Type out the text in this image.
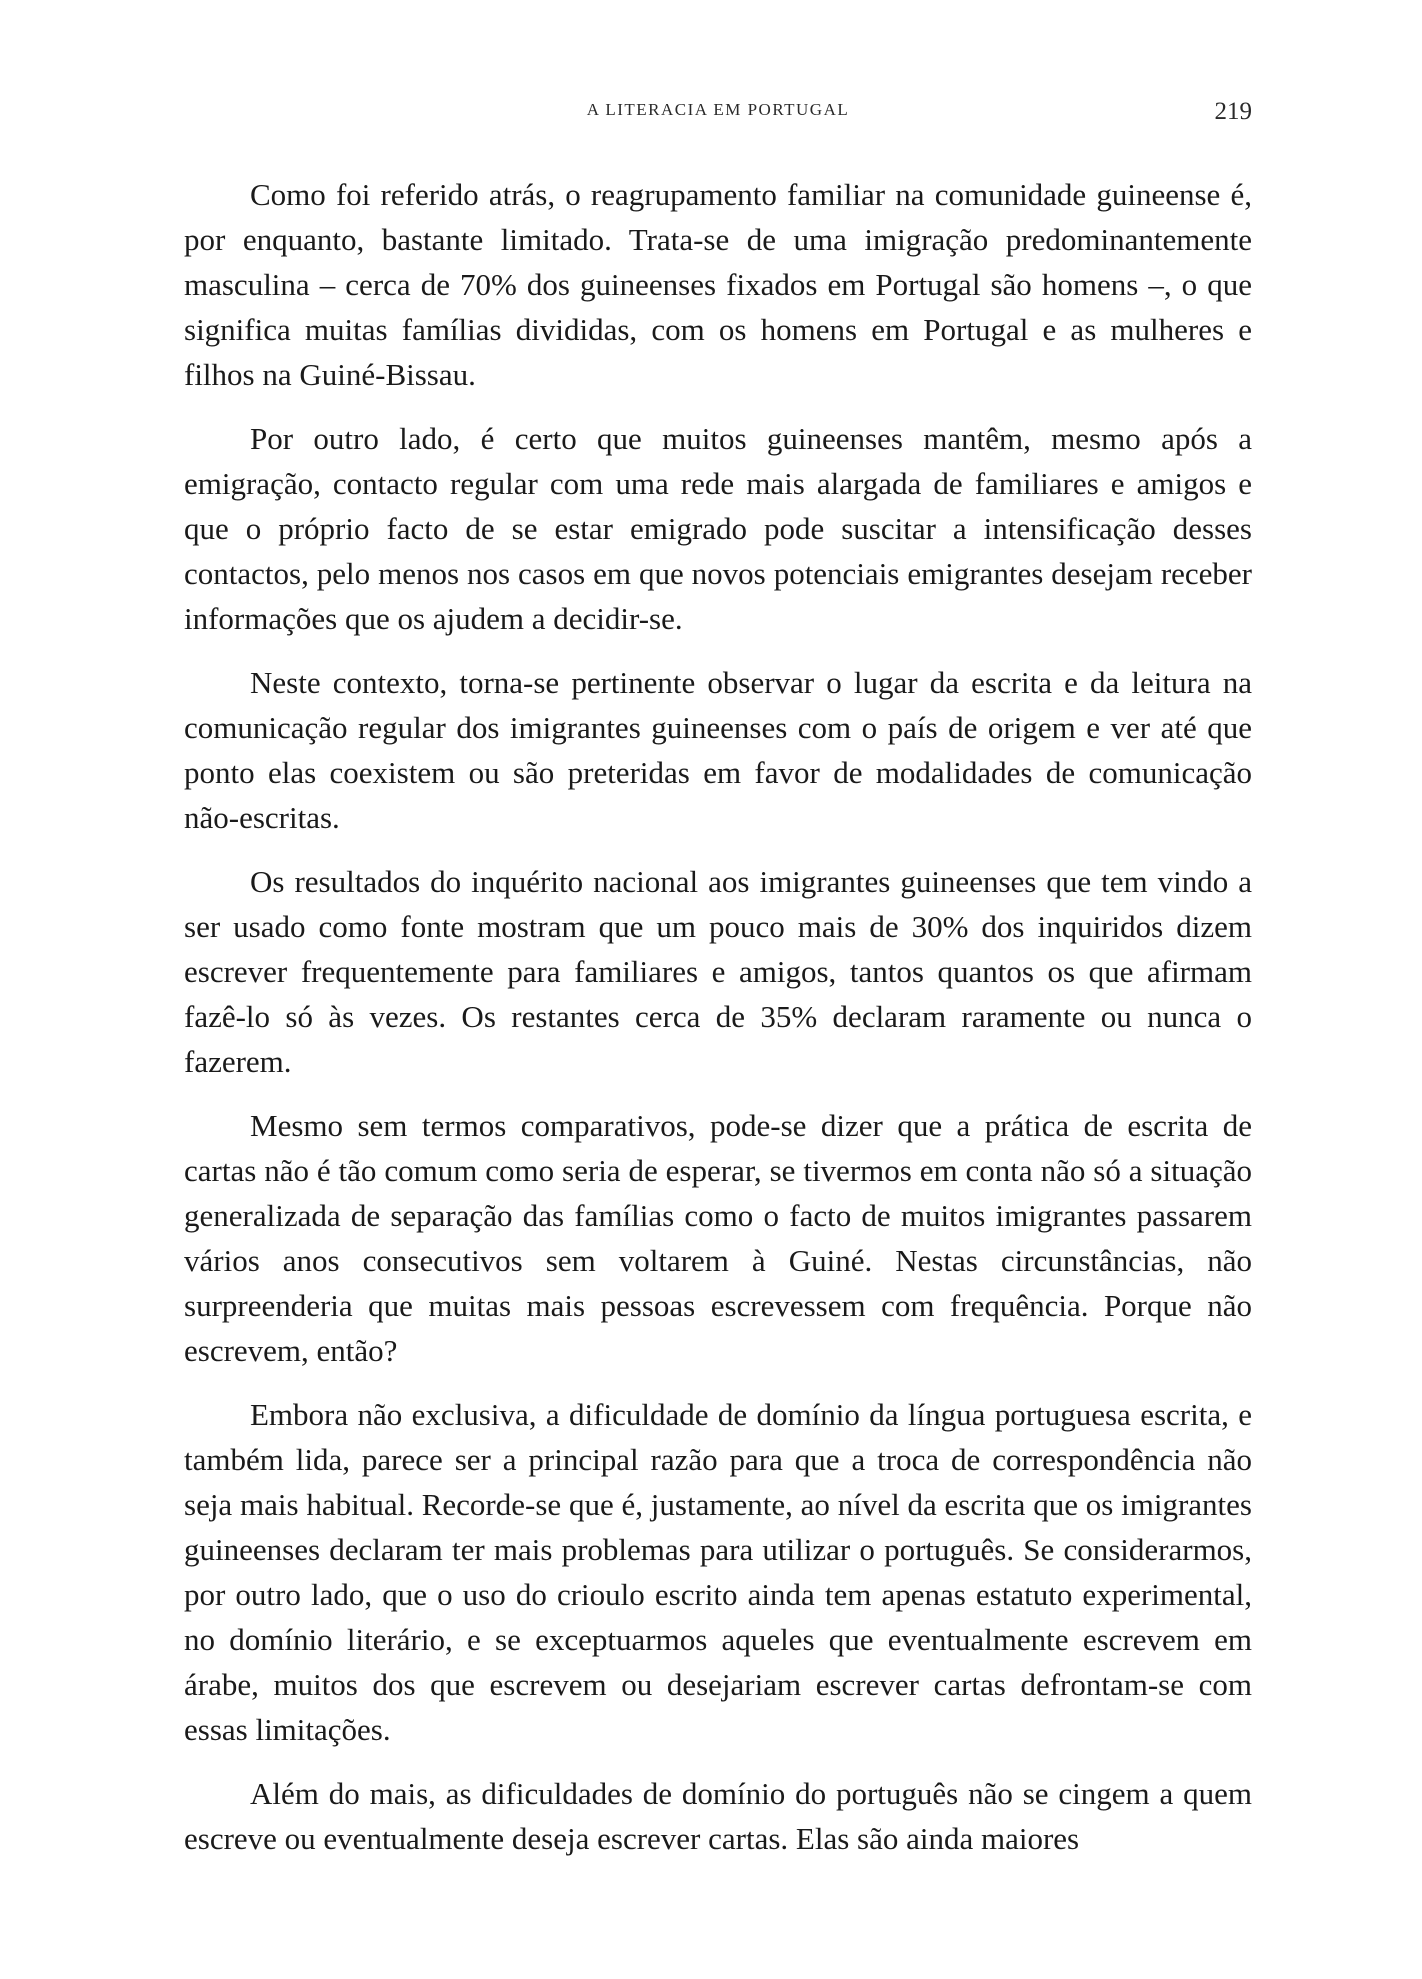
A LITERACIA EM PORTUGAL	219

Como foi referido atrás, o reagrupamento familiar na comunidade guineense é, por enquanto, bastante limitado. Trata-se de uma imigração predominantemente masculina – cerca de 70% dos guineenses fixados em Portugal são homens –, o que significa muitas famílias divididas, com os homens em Portugal e as mulheres e filhos na Guiné-Bissau.

Por outro lado, é certo que muitos guineenses mantêm, mesmo após a emigração, contacto regular com uma rede mais alargada de familiares e amigos e que o próprio facto de se estar emigrado pode suscitar a intensificação desses contactos, pelo menos nos casos em que novos potenciais emigrantes desejam receber informações que os ajudem a decidir-se.

Neste contexto, torna-se pertinente observar o lugar da escrita e da leitura na comunicação regular dos imigrantes guineenses com o país de origem e ver até que ponto elas coexistem ou são preteridas em favor de modalidades de comunicação não-escritas.

Os resultados do inquérito nacional aos imigrantes guineenses que tem vindo a ser usado como fonte mostram que um pouco mais de 30% dos inquiridos dizem escrever frequentemente para familiares e amigos, tantos quantos os que afirmam fazê-lo só às vezes. Os restantes cerca de 35% declaram raramente ou nunca o fazerem.

Mesmo sem termos comparativos, pode-se dizer que a prática de escrita de cartas não é tão comum como seria de esperar, se tivermos em conta não só a situação generalizada de separação das famílias como o facto de muitos imigrantes passarem vários anos consecutivos sem voltarem à Guiné. Nestas circunstâncias, não surpreenderia que muitas mais pessoas escrevessem com frequência. Porque não escrevem, então?

Embora não exclusiva, a dificuldade de domínio da língua portuguesa escrita, e também lida, parece ser a principal razão para que a troca de correspondência não seja mais habitual. Recorde-se que é, justamente, ao nível da escrita que os imigrantes guineenses declaram ter mais problemas para utilizar o português. Se considerarmos, por outro lado, que o uso do crioulo escrito ainda tem apenas estatuto experimental, no domínio literário, e se exceptuarmos aqueles que eventualmente escrevem em árabe, muitos dos que escrevem ou desejariam escrever cartas defrontam-se com essas limitações.

Além do mais, as dificuldades de domínio do português não se cingem a quem escreve ou eventualmente deseja escrever cartas. Elas são ainda maiores
